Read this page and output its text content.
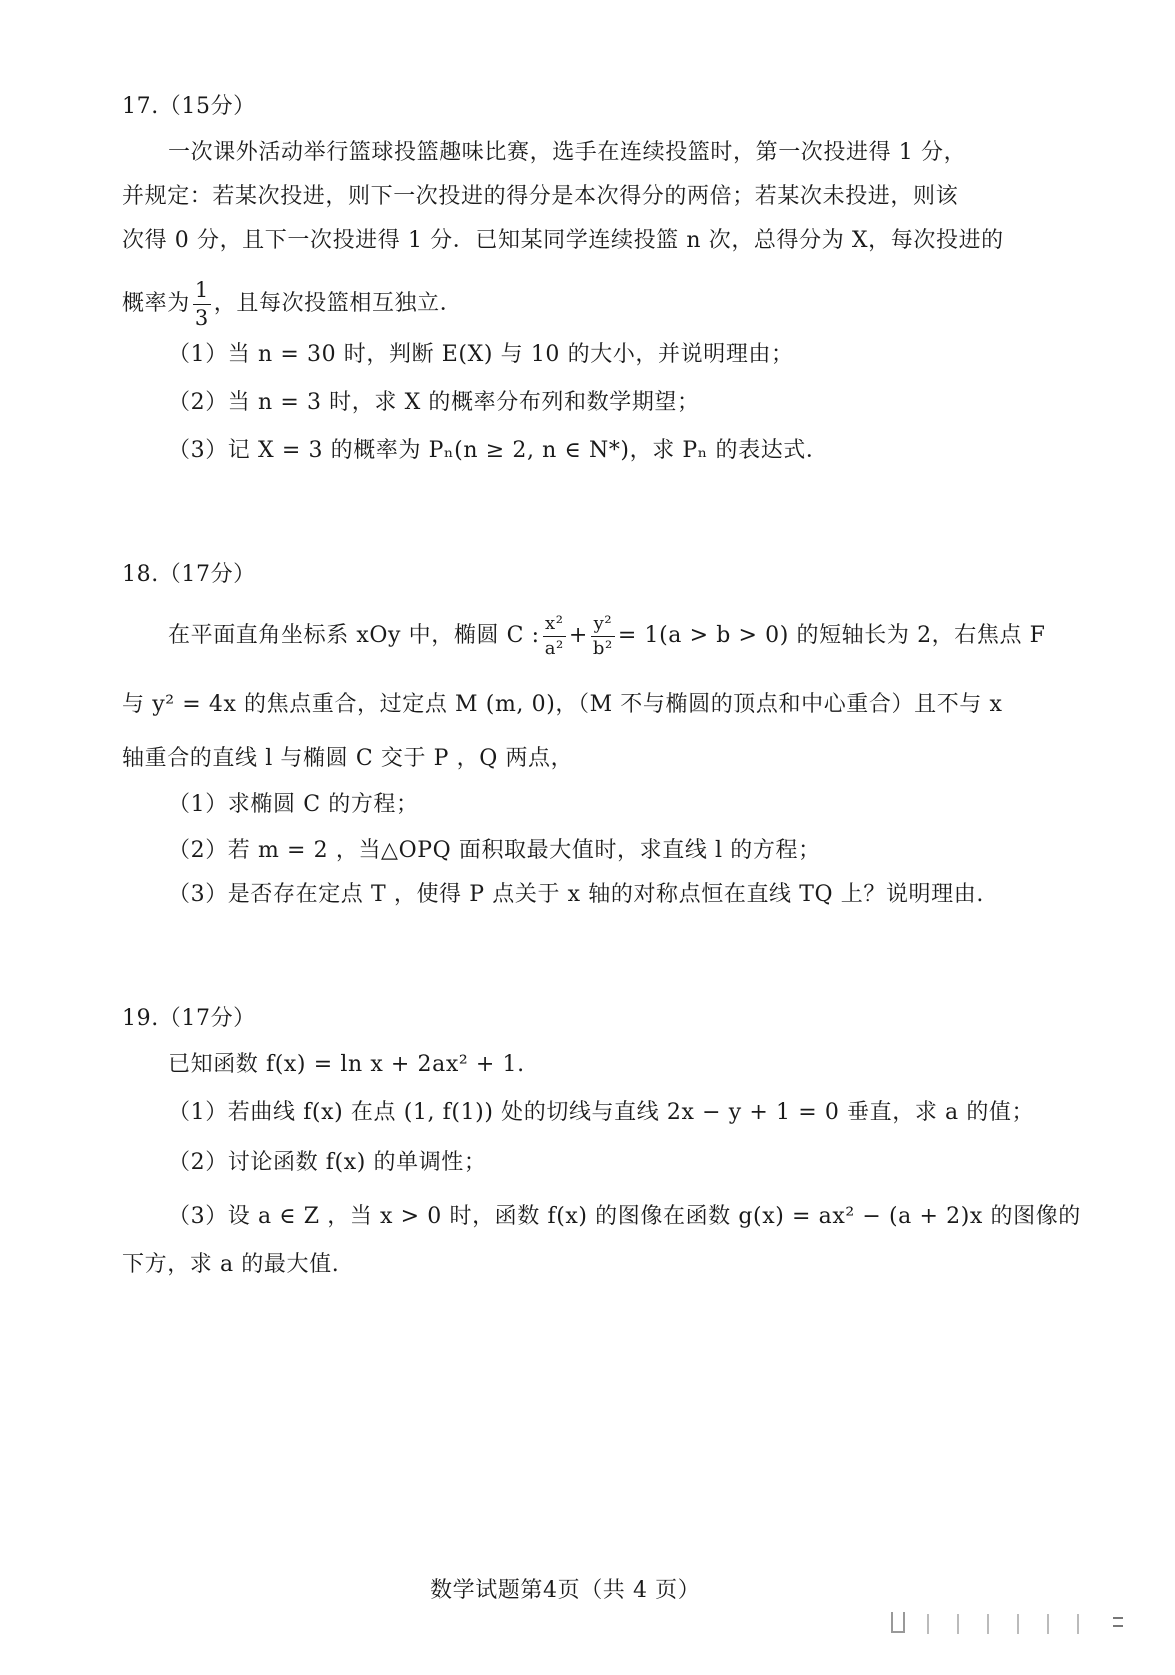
17.（15分）
一次课外活动举行篮球投篮趣味比赛，选手在连续投篮时，第一次投进得 1 分，
并规定：若某次投进，则下一次投进的得分是本次得分的两倍；若某次未投进，则该
次得 0 分，且下一次投进得 1 分．已知某同学连续投篮 n 次，总得分为 X，每次投进的
概率为 $\frac{1}{3}$ ，且每次投篮相互独立．
（1）当 n = 30 时，判断 E(X) 与 10 的大小，并说明理由；
（2）当 n = 3 时，求 X 的概率分布列和数学期望；
（3）记 X = 3 的概率为 Pₙ(n ≥ 2, n ∈ N*)，求 Pₙ 的表达式．
18.（17分）
在平面直角坐标系 xOy 中，椭圆 C : $\frac{\text{x²}}{\text{a²}} + \frac{\text{y²}}{\text{b²}} = 1(a > b > 0)$ 的短轴长为 2，右焦点 F
与 y² = 4x 的焦点重合，过定点 M (m, 0)，（M 不与椭圆的顶点和中心重合）且不与 x
轴重合的直线 l 与椭圆 C 交于 P ，Q 两点，
（1）求椭圆 C 的方程；
（2）若 m = 2 ，当△OPQ 面积取最大值时，求直线 l 的方程；
（3）是否存在定点 T ，使得 P 点关于 x 轴的对称点恒在直线 TQ 上？说明理由.
19.（17分）
已知函数 f(x) = ln x + 2ax² + 1.
（1）若曲线 f(x) 在点 (1, f(1)) 处的切线与直线 2x − y + 1 = 0 垂直，求 a 的值；
（2）讨论函数 f(x) 的单调性；
（3）设 a ∈ Z ，当 x > 0 时，函数 f(x) 的图像在函数 g(x) = ax² − (a + 2)x 的图像的
下方，求 a 的最大值.
数学试题第4页（共 4 页）
